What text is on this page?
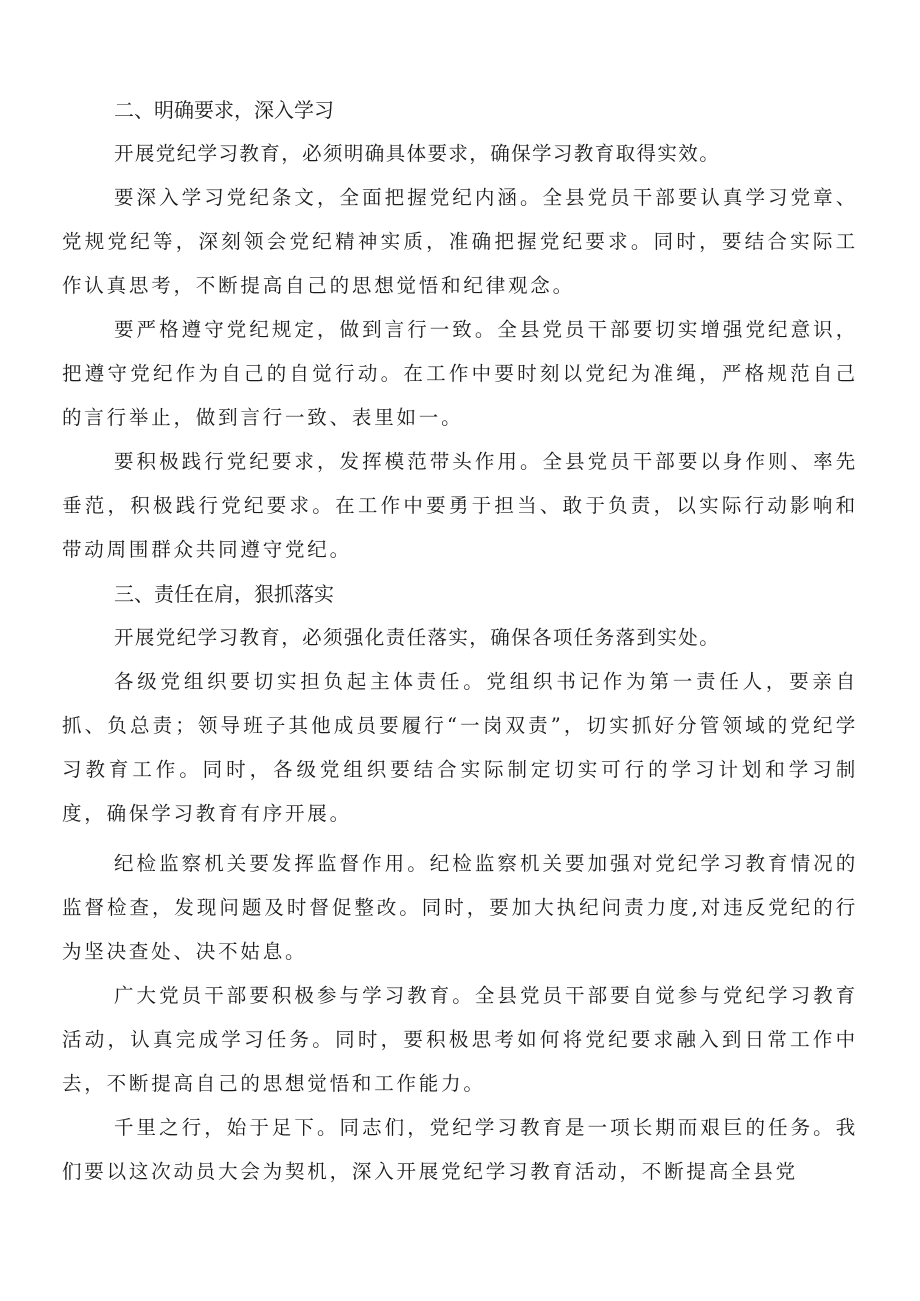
二、明确要求，深入学习

开展党纪学习教育，必须明确具体要求，确保学习教育取得实效。

要深入学习党纪条文，全面把握党纪内涵。全县党员干部要认真学习党章、党规党纪等，深刻领会党纪精神实质，准确把握党纪要求。同时，要结合实际工作认真思考，不断提高自己的思想觉悟和纪律观念。

要严格遵守党纪规定，做到言行一致。全县党员干部要切实增强党纪意识，把遵守党纪作为自己的自觉行动。在工作中要时刻以党纪为准绳，严格规范自己的言行举止，做到言行一致、表里如一。

要积极践行党纪要求，发挥模范带头作用。全县党员干部要以身作则、率先垂范，积极践行党纪要求。在工作中要勇于担当、敢于负责，以实际行动影响和带动周围群众共同遵守党纪。

三、责任在肩，狠抓落实

开展党纪学习教育，必须强化责任落实，确保各项任务落到实处。

各级党组织要切实担负起主体责任。党组织书记作为第一责任人，要亲自抓、负总责；领导班子其他成员要履行“一岗双责”，切实抓好分管领域的党纪学习教育工作。同时，各级党组织要结合实际制定切实可行的学习计划和学习制度，确保学习教育有序开展。

纪检监察机关要发挥监督作用。纪检监察机关要加强对党纪学习教育情况的监督检查，发现问题及时督促整改。同时，要加大执纪问责力度,对违反党纪的行为坚决查处、决不姑息。

广大党员干部要积极参与学习教育。全县党员干部要自觉参与党纪学习教育活动，认真完成学习任务。同时，要积极思考如何将党纪要求融入到日常工作中去，不断提高自己的思想觉悟和工作能力。

千里之行，始于足下。同志们，党纪学习教育是一项长期而艰巨的任务。我们要以这次动员大会为契机，深入开展党纪学习教育活动，不断提高全县党
